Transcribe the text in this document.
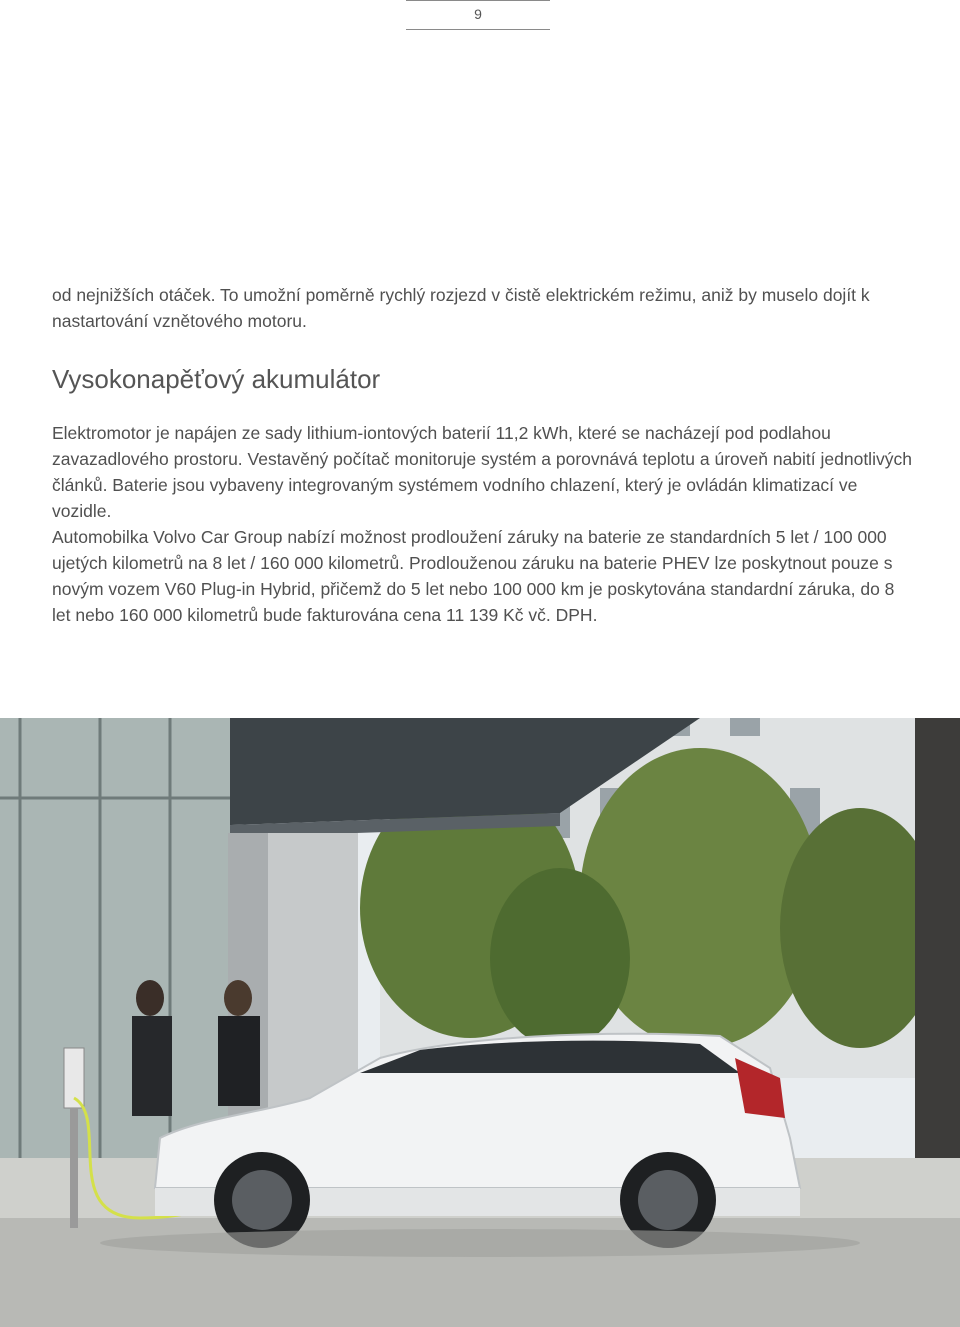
9

od nejnižších otáček. To umožní poměrně rychlý rozjezd v čistě elektrickém režimu, aniž by muselo dojít k nastartování vznětového motoru.

Vysokonapěťový akumulátor

Elektromotor je napájen ze sady lithium-iontových baterií 11,2 kWh, které se nacházejí pod podlahou zavazadlového prostoru. Vestavěný počítač monitoruje systém a porovnává teplotu a úroveň nabití jednotlivých článků. Baterie jsou vybaveny integrovaným systémem vodního chlazení, který je ovládán klimatizací ve vozidle.

Automobilka Volvo Car Group nabízí možnost prodloužení záruky na baterie ze standardních 5 let / 100 000 ujetých kilometrů na 8 let / 160 000 kilometrů. Prodlouženou záruku na baterie PHEV lze poskytnout pouze s novým vozem V60 Plug-in Hybrid, přičemž do 5 let nebo 100 000 km je poskytována standardní záruka, do 8 let nebo 160 000 kilometrů bude fakturována cena 11 139 Kč vč. DPH.
